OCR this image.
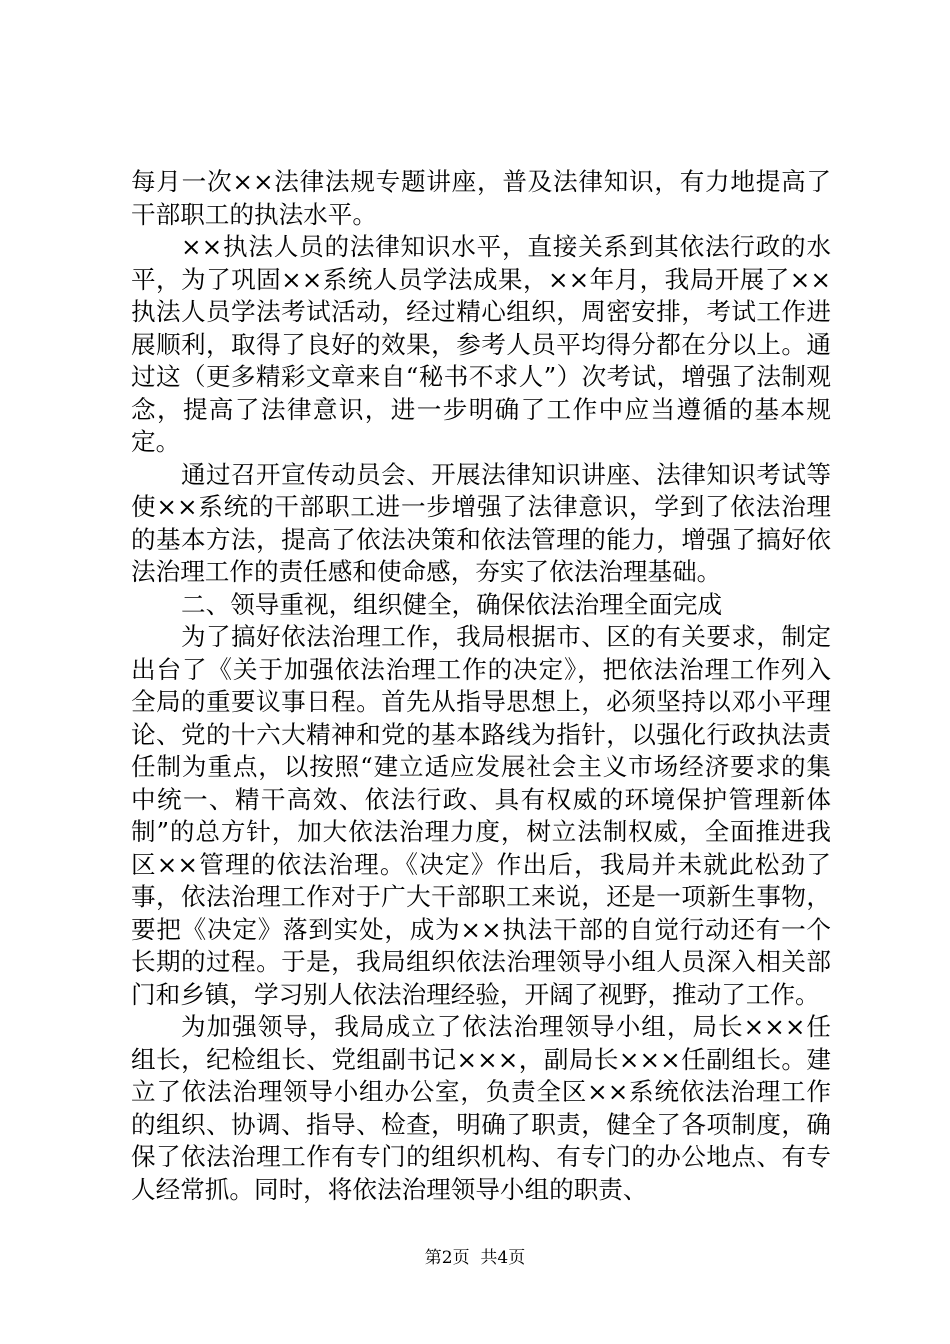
每月一次××法律法规专题讲座，普及法律知识，有力地提高了干部职工的执法水平。

××执法人员的法律知识水平，直接关系到其依法行政的水平，为了巩固××系统人员学法成果，××年月，我局开展了××执法人员学法考试活动，经过精心组织，周密安排，考试工作进展顺利，取得了良好的效果，参考人员平均得分都在分以上。通过这（更多精彩文章来自“秘书不求人”）次考试，增强了法制观念，提高了法律意识，进一步明确了工作中应当遵循的基本规定。

通过召开宣传动员会、开展法律知识讲座、法律知识考试等使××系统的干部职工进一步增强了法律意识，学到了依法治理的基本方法，提高了依法决策和依法管理的能力，增强了搞好依法治理工作的责任感和使命感，夯实了依法治理基础。

二、领导重视，组织健全，确保依法治理全面完成

为了搞好依法治理工作，我局根据市、区的有关要求，制定出台了《关于加强依法治理工作的决定》，把依法治理工作列入全局的重要议事日程。首先从指导思想上，必须坚持以邓小平理论、党的十六大精神和党的基本路线为指针，以强化行政执法责任制为重点，以按照“建立适应发展社会主义市场经济要求的集中统一、精干高效、依法行政、具有权威的环境保护管理新体制”的总方针，加大依法治理力度，树立法制权威，全面推进我区××管理的依法治理。《决定》作出后，我局并未就此松劲了事，依法治理工作对于广大干部职工来说，还是一项新生事物，要把《决定》落到实处，成为××执法干部的自觉行动还有一个长期的过程。于是，我局组织依法治理领导小组人员深入相关部门和乡镇，学习别人依法治理经验，开阔了视野，推动了工作。

为加强领导，我局成立了依法治理领导小组，局长×××任组长，纪检组长、党组副书记×××，副局长×××任副组长。建立了依法治理领导小组办公室，负责全区××系统依法治理工作的组织、协调、指导、检查，明确了职责，健全了各项制度，确保了依法治理工作有专门的组织机构、有专门的办公地点、有专人经常抓。同时，将依法治理领导小组的职责、

第2页  共4页
